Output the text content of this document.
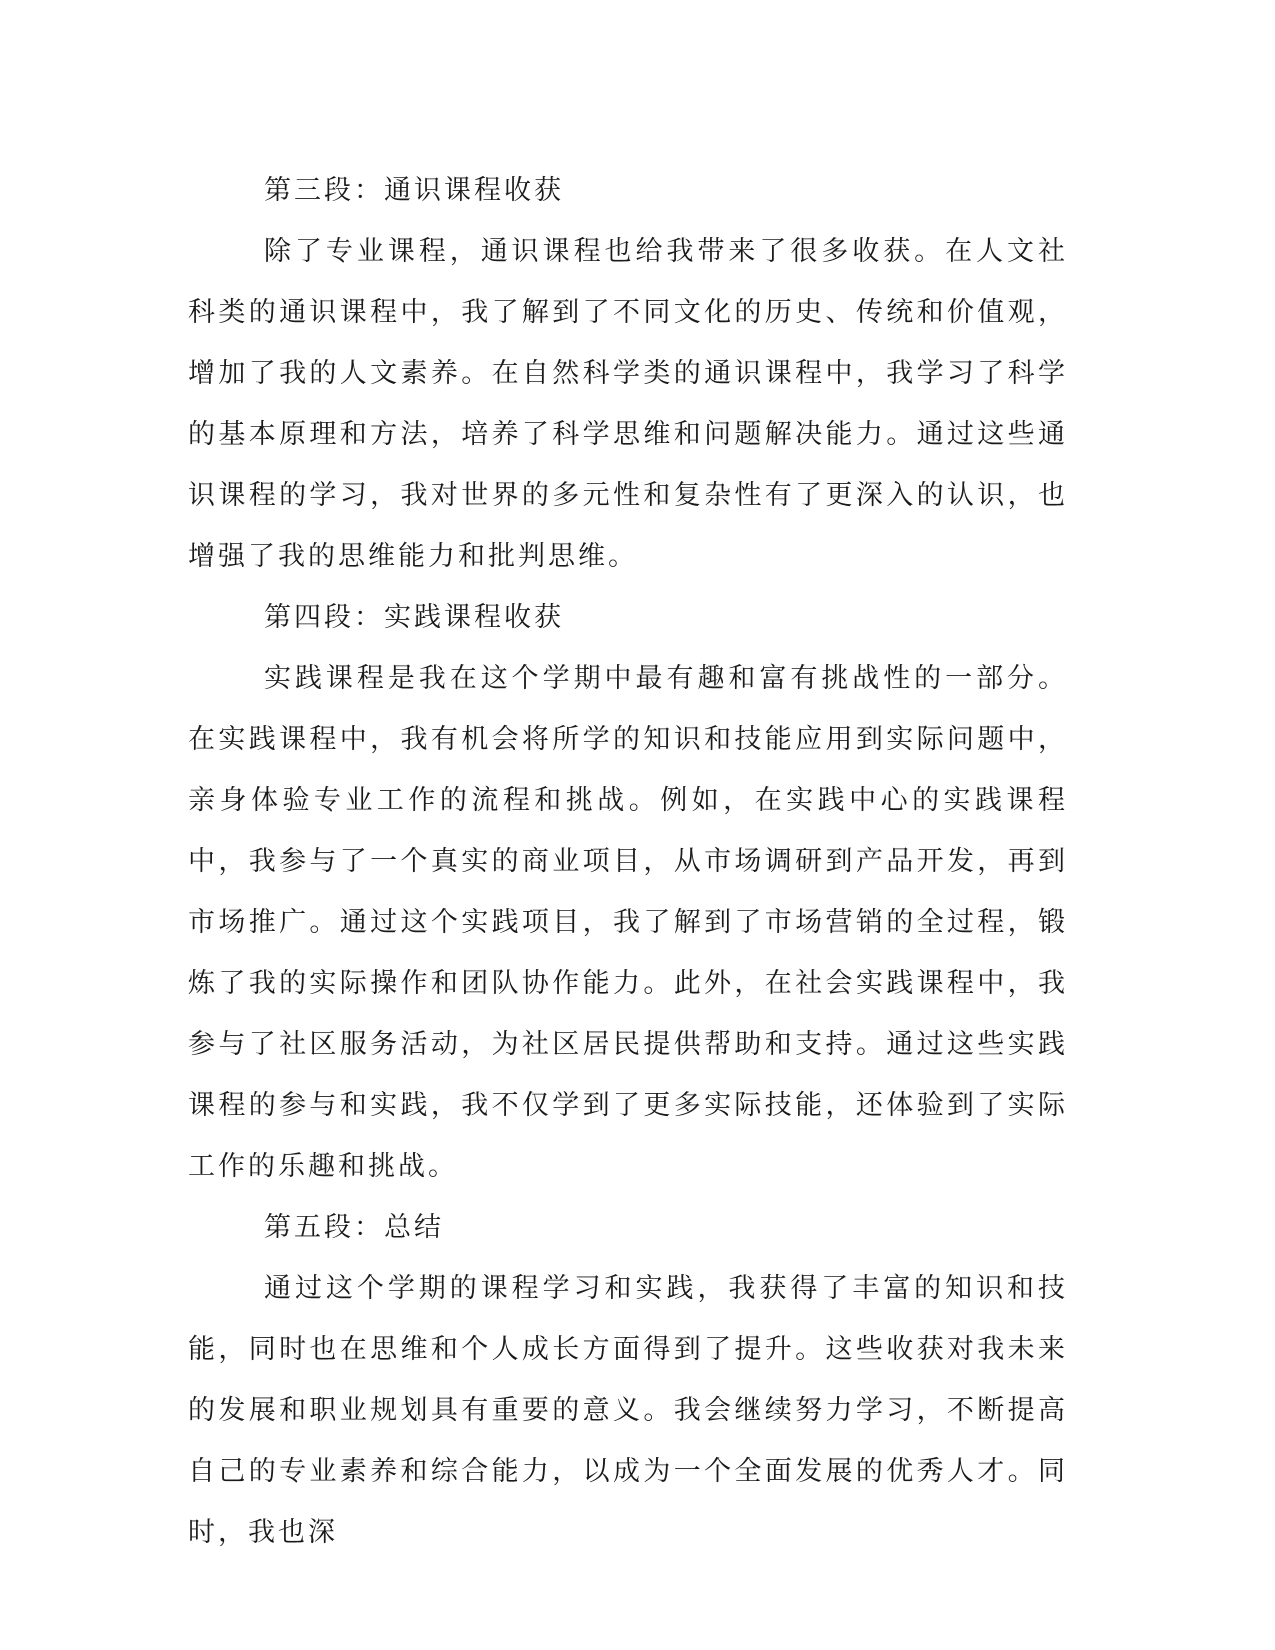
第三段：通识课程收获

除了专业课程，通识课程也给我带来了很多收获。在人文社科类的通识课程中，我了解到了不同文化的历史、传统和价值观，增加了我的人文素养。在自然科学类的通识课程中，我学习了科学的基本原理和方法，培养了科学思维和问题解决能力。通过这些通识课程的学习，我对世界的多元性和复杂性有了更深入的认识，也增强了我的思维能力和批判思维。

第四段：实践课程收获

实践课程是我在这个学期中最有趣和富有挑战性的一部分。在实践课程中，我有机会将所学的知识和技能应用到实际问题中，亲身体验专业工作的流程和挑战。例如，在实践中心的实践课程中，我参与了一个真实的商业项目，从市场调研到产品开发，再到市场推广。通过这个实践项目，我了解到了市场营销的全过程，锻炼了我的实际操作和团队协作能力。此外，在社会实践课程中，我参与了社区服务活动，为社区居民提供帮助和支持。通过这些实践课程的参与和实践，我不仅学到了更多实际技能，还体验到了实际工作的乐趣和挑战。

第五段：总结

通过这个学期的课程学习和实践，我获得了丰富的知识和技能，同时也在思维和个人成长方面得到了提升。这些收获对我未来的发展和职业规划具有重要的意义。我会继续努力学习，不断提高自己的专业素养和综合能力，以成为一个全面发展的优秀人才。同时，我也深
